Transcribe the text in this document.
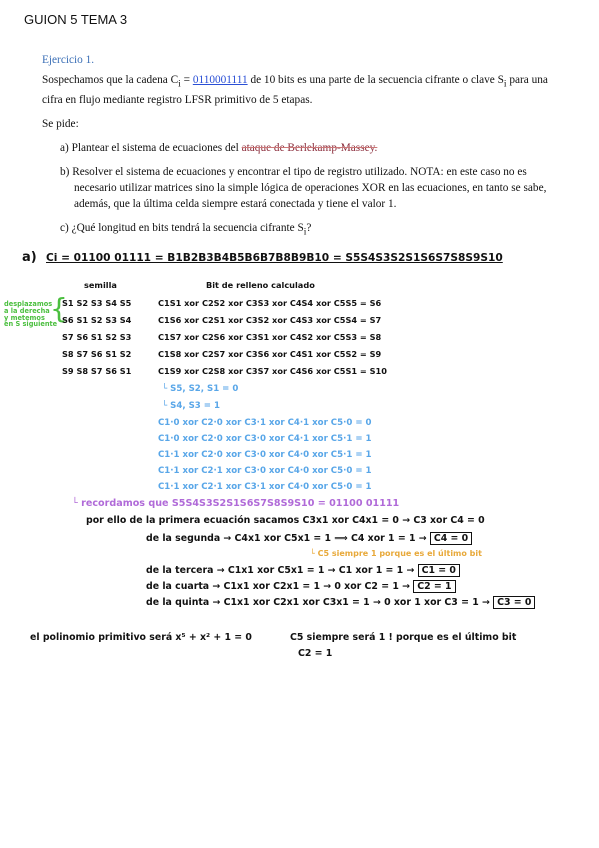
GUION 5 TEMA 3
Ejercicio 1.

Sospechamos que la cadena $C_i = 0110001111$ de 10 bits es una parte de la secuencia cifrante o clave $S_i$ para una cifra en flujo mediante registro LFSR primitivo de 5 etapas.

Se pide:

a) Plantear el sistema de ecuaciones del ataque de Berlekamp-Massey.

b) Resolver el sistema de ecuaciones y encontrar el tipo de registro utilizado. NOTA: en este caso no es necesario utilizar matrices sino la simple lógica de operaciones XOR en las ecuaciones, en tanto se sabe, además, que la última celda siempre estará conectada y tiene el valor 1.

c) ¿Qué longitud en bits tendrá la secuencia cifrante $S_i$?

a) Ci = 01100 01111 = B1B2B3B4B5B6B7B8B9B10 = S5S4S3S2S1S6S7S8S9S10
semilla	Bit de relleno calculado
desplazamos
a la derecha
y metemos
en S siguiente
{
S1 S2 S3 S4 S5
S6 S1 S2 S3 S4
S7 S6 S1 S2 S3
S8 S7 S6 S1 S2
S9 S8 S7 S6 S1
C1S1 xor C2S2 xor C3S3 xor C4S4 xor C5S5 = S6
C1S6 xor C2S1 xor C3S2 xor C4S3 xor C5S4 = S7
C1S7 xor C2S6 xor C3S1 xor C4S2 xor C5S3 = S8
C1S8 xor C2S7 xor C3S6 xor C4S1 xor C5S2 = S9
C1S9 xor C2S8 xor C3S7 xor C4S6 xor C5S1 = S10
└ S5, S2, S1 = 0
└ S4, S3 = 1
C1·0 xor C2·0 xor C3·1 xor C4·1 xor C5·0 = 0
C1·0 xor C2·0 xor C3·0 xor C4·1 xor C5·1 = 1
C1·1 xor C2·0 xor C3·0 xor C4·0 xor C5·1 = 1
C1·1 xor C2·1 xor C3·0 xor C4·0 xor C5·0 = 1
C1·1 xor C2·1 xor C3·1 xor C4·0 xor C5·0 = 1
└ recordamos que S5S4S3S2S1S6S7S8S9S10 = 01100 01111
por ello de la primera ecuación sacamos C3x1 xor C4x1 = 0 → C3 xor C4 = 0
de la segunda → C4x1 xor C5x1 = 1 ⟹ C4 xor 1 = 1 → C4 = 0
└ C5 siempre 1 porque es el último bit
de la tercera → C1x1 xor C5x1 = 1 → C1 xor 1 = 1 → C1 = 0
de la cuarta → C1x1 xor C2x1 = 1 → 0 xor C2 = 1 → C2 = 1
de la quinta → C1x1 xor C2x1 xor C3x1 = 1 → 0 xor 1 xor C3 = 1 → C3 = 0
el polinomio primitivo será x⁵ + x² + 1 = 0	C5 siempre será 1 ! porque es el último bit
C2 = 1
